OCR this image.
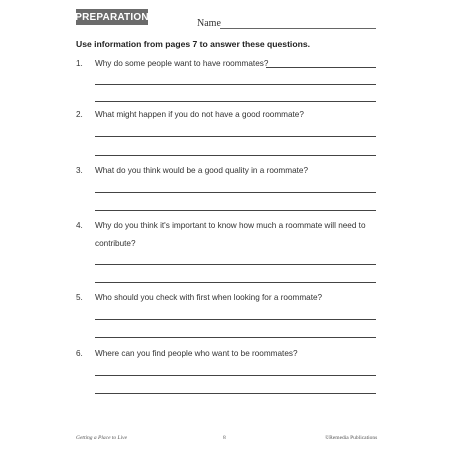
PREPARATION
Name
Use information from pages 7 to answer these questions.
1. Why do some people want to have roommates?
2. What might happen if you do not have a good roommate?
3. What do you think would be a good quality in a roommate?
4. Why do you think it's important to know how much a roommate will need to
contribute?
5. Who should you check with first when looking for a roommate?
6. Where can you find people who want to be roommates?
Getting a Place to Live	8	©Remedia Publications
